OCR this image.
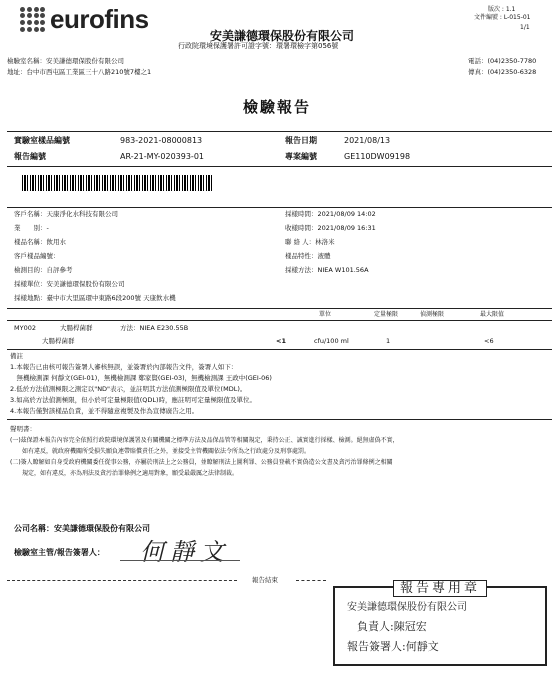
eurofins	版次 : 1.1
文件編號 : L-015-01
1/1
安美謙德環保股份有限公司
行政院環境保護署許可證字號：環署環檢字第056號
檢驗室名稱：安美謙德環保股份有限公司
地址：台中市西屯區工業區三十八路210號7樓之1
電話：(04)2350-7780
傳真：(04)2350-6328
檢驗報告
實驗室樣品編號	983-2021-08000813	報告日期	2021/08/13
報告編號	AR-21-MY-020393-01	專案編號	GE110DW09198
客戶名稱：天康淨化水科技有限公司
業　　別：-
樣品名稱：飲用水
客戶樣品編號：
檢測目的：自評參考
採樣單位：安美謙德環保股份有限公司
採樣地點：臺中市大里區環中東路6段200號 天康飲水機
採樣時間：2021/08/09 14:02
收樣時間：2021/08/09 16:31
聯 絡 人：林洛米
樣品特性：液體
採樣方法：NIEA W101.56A
單位	定量極限	偵測極限	最大限值
MY002	大腸桿菌群	方法：NIEA E230.55B
大腸桿菌群	<1	cfu/100 ml	1	<6
備註
1.本報告已由核可報告簽署人審核無誤，並簽署於內部報告文件，簽署人如下：
　無機檢測課 何靜文(GEI-01)，無機檢測課 鄭家賢(GEI-03)，無機檢測課 王政中(GEI-06)
2.低於方法偵測極限之測定以"ND"表示，並註明其方法偵測極限值及單位(MDL)。
3.如高於方法偵測極限，但小於可定量極限值(QDL)時，應註明可定量極限值及單位。
4.本報告僅對該樣品負責，並不得隨意複製及作為宣傳廣告之用。
聲明書：
(一)茲保證本報告內容完全依照行政院環境保護署及有關機關之標準方法及品保品管等相關規定，秉持公正、誠實進行採樣、檢測。絕無虛偽不實，
　　如有違反，就政府機關所受損失願負連帶賠償責任之外，並接受主管機關依法令所為之行政處分及刑事處罰。
(二)簽人瞭解如自身受政府機關委任從事公務，亦屬於刑法上之公務員，並瞭解刑法上圖利罪、公務員登載不實偽造公文書及貪污治罪條例之相關
　　規定，如有違反，亦為刑法及貪污治罪條例之適用對象，願受最嚴厲之法律制裁。
公司名稱：安美謙德環保股份有限公司
檢驗室主管/報告簽署人： 何靜文
報告專用章
安美謙德環保股份有限公司
負責人:陳冠宏
報告簽署人:何靜文
報告結束
